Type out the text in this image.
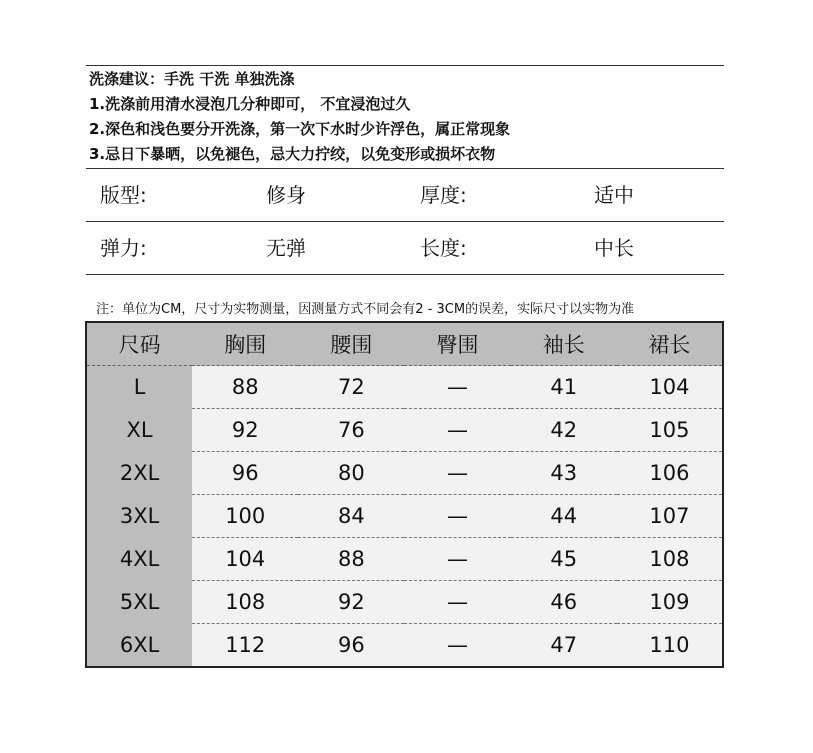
洗涤建议：手洗 干洗 单独洗涤
1.洗涤前用清水浸泡几分种即可， 不宜浸泡过久
2.深色和浅色要分开洗涤，第一次下水时少许浮色，属正常现象
3.忌日下暴晒，以免褪色，忌大力拧绞，以免变形或损坏衣物
版型:	修身	厚度:	适中
弹力:	无弹	长度:	中长
注：单位为CM，尺寸为实物测量，因测量方式不同会有2 - 3CM的误差，实际尺寸以实物为准
尺码	胸围	腰围	臀围	袖长	裙长
L	88	72	—	41	104
XL	92	76	—	42	105
2XL	96	80	—	43	106
3XL	100	84	—	44	107
4XL	104	88	—	45	108
5XL	108	92	—	46	109
6XL	112	96	—	47	110
